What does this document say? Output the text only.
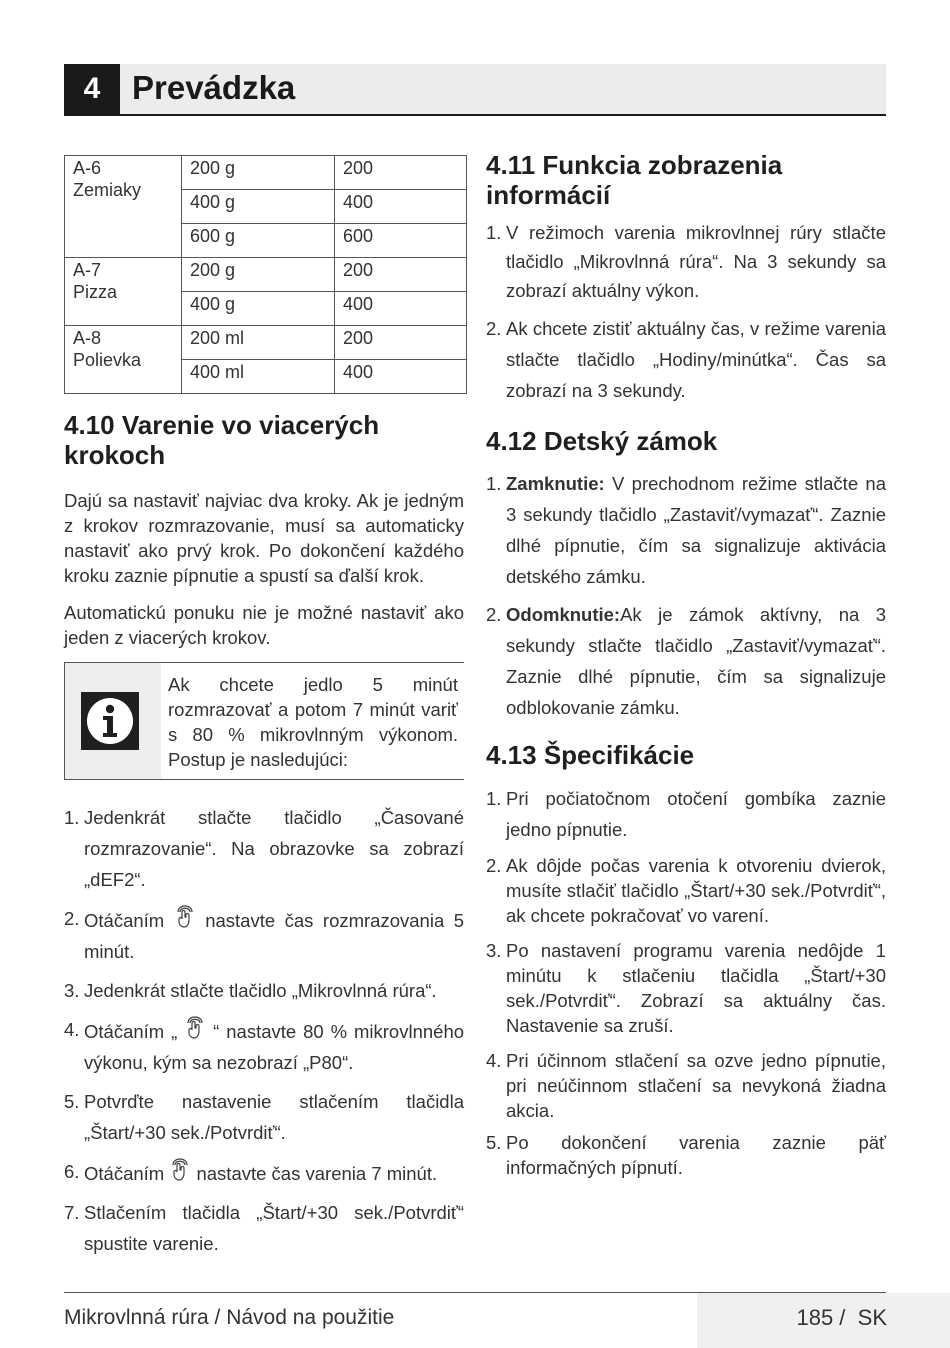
4 Prevádzka
A-6
Zemiaky	200 g	200
	400 g	400
	600 g	600
A-7
Pizza	200 g	200
	400 g	400
A-8
Polievka	200 ml	200
	400 ml	400
4.10 Varenie vo viacerých krokoch

Dajú sa nastaviť najviac dva kroky. Ak je jedným z krokov rozmrazovanie, musí sa automaticky nastaviť ako prvý krok. Po dokončení každého kroku zaznie pípnutie a spustí sa ďalší krok.

Automatickú ponuku nie je možné nastaviť ako jeden z viacerých krokov.

Ak chcete jedlo 5 minút rozmrazovať a potom 7 minút variť s 80 % mikrovlnným výkonom. Postup je nasledujúci:
1. Jedenkrát stlačte tlačidlo „Časované rozmrazovanie“. Na obrazovke sa zobrazí „dEF2“.
2. Otáčaním nastavte čas rozmrazovania 5 minút.
3. Jedenkrát stlačte tlačidlo „Mikrovlnná rúra“.
4. Otáčaním „ “ nastavte 80 % mikrovlnného výkonu, kým sa nezobrazí „P80“.
5. Potvrďte nastavenie stlačením tlačidla „Štart/+30 sek./Potvrdiť“.
6. Otáčaním nastavte čas varenia 7 minút.
7. Stlačením tlačidla „Štart/+30 sek./Potvrdiť“ spustite varenie.
4.11 Funkcia zobrazenia informácií
1. V režimoch varenia mikrovlnnej rúry stlačte tlačidlo „Mikrovlnná rúra“. Na 3 sekundy sa zobrazí aktuálny výkon.
2. Ak chcete zistiť aktuálny čas, v režime varenia stlačte tlačidlo „Hodiny/minútka“. Čas sa zobrazí na 3 sekundy.
4.12 Detský zámok
1. Zamknutie: V prechodnom režime stlačte na 3 sekundy tlačidlo „Zastaviť/vymazať“. Zaznie dlhé pípnutie, čím sa signalizuje aktivácia detského zámku.
2. Odomknutie:Ak je zámok aktívny, na 3 sekundy stlačte tlačidlo „Zastaviť/vymazať“. Zaznie dlhé pípnutie, čím sa signalizuje odblokovanie zámku.
4.13 Špecifikácie
1. Pri počiatočnom otočení gombíka zaznie jedno pípnutie.
2. Ak dôjde počas varenia k otvoreniu dvierok, musíte stlačiť tlačidlo „Štart/+30 sek./Potvrdiť“, ak chcete pokračovať vo varení.
3. Po nastavení programu varenia nedôjde 1 minútu k stlačeniu tlačidla „Štart/+30 sek./Potvrdiť“. Zobrazí sa aktuálny čas. Nastavenie sa zruší.
4. Pri účinnom stlačení sa ozve jedno pípnutie, pri neúčinnom stlačení sa nevykoná žiadna akcia.
5. Po dokončení varenia zaznie päť informačných pípnutí.
Mikrovlnná rúra / Návod na použitie	185 /  SK
